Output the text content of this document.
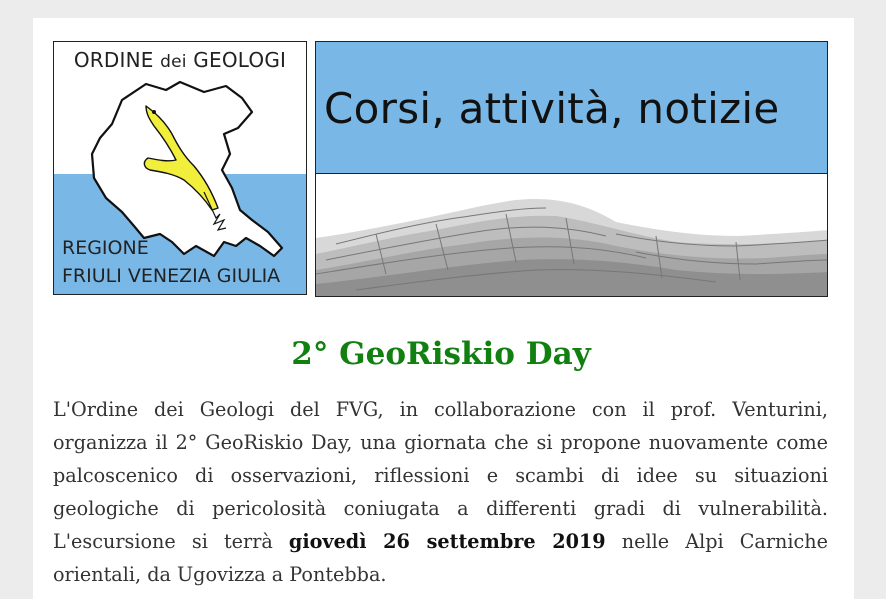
ORDINE dei GEOLOGI
REGIONE
FRIULI VENEZIA GIULIA
Corsi, attività, notizie
2° GeoRiskio Day
L'Ordine dei Geologi del FVG, in collaborazione con il prof. Venturini, organizza il 2° GeoRiskio Day, una giornata che si propone nuovamente come palcoscenico di osservazioni, riflessioni e scambi di idee su situazioni geologiche di pericolosità coniugata a differenti gradi di vulnerabilità. L'escursione si terrà giovedì 26 settembre 2019 nelle Alpi Carniche orientali, da Ugovizza a Pontebba.
